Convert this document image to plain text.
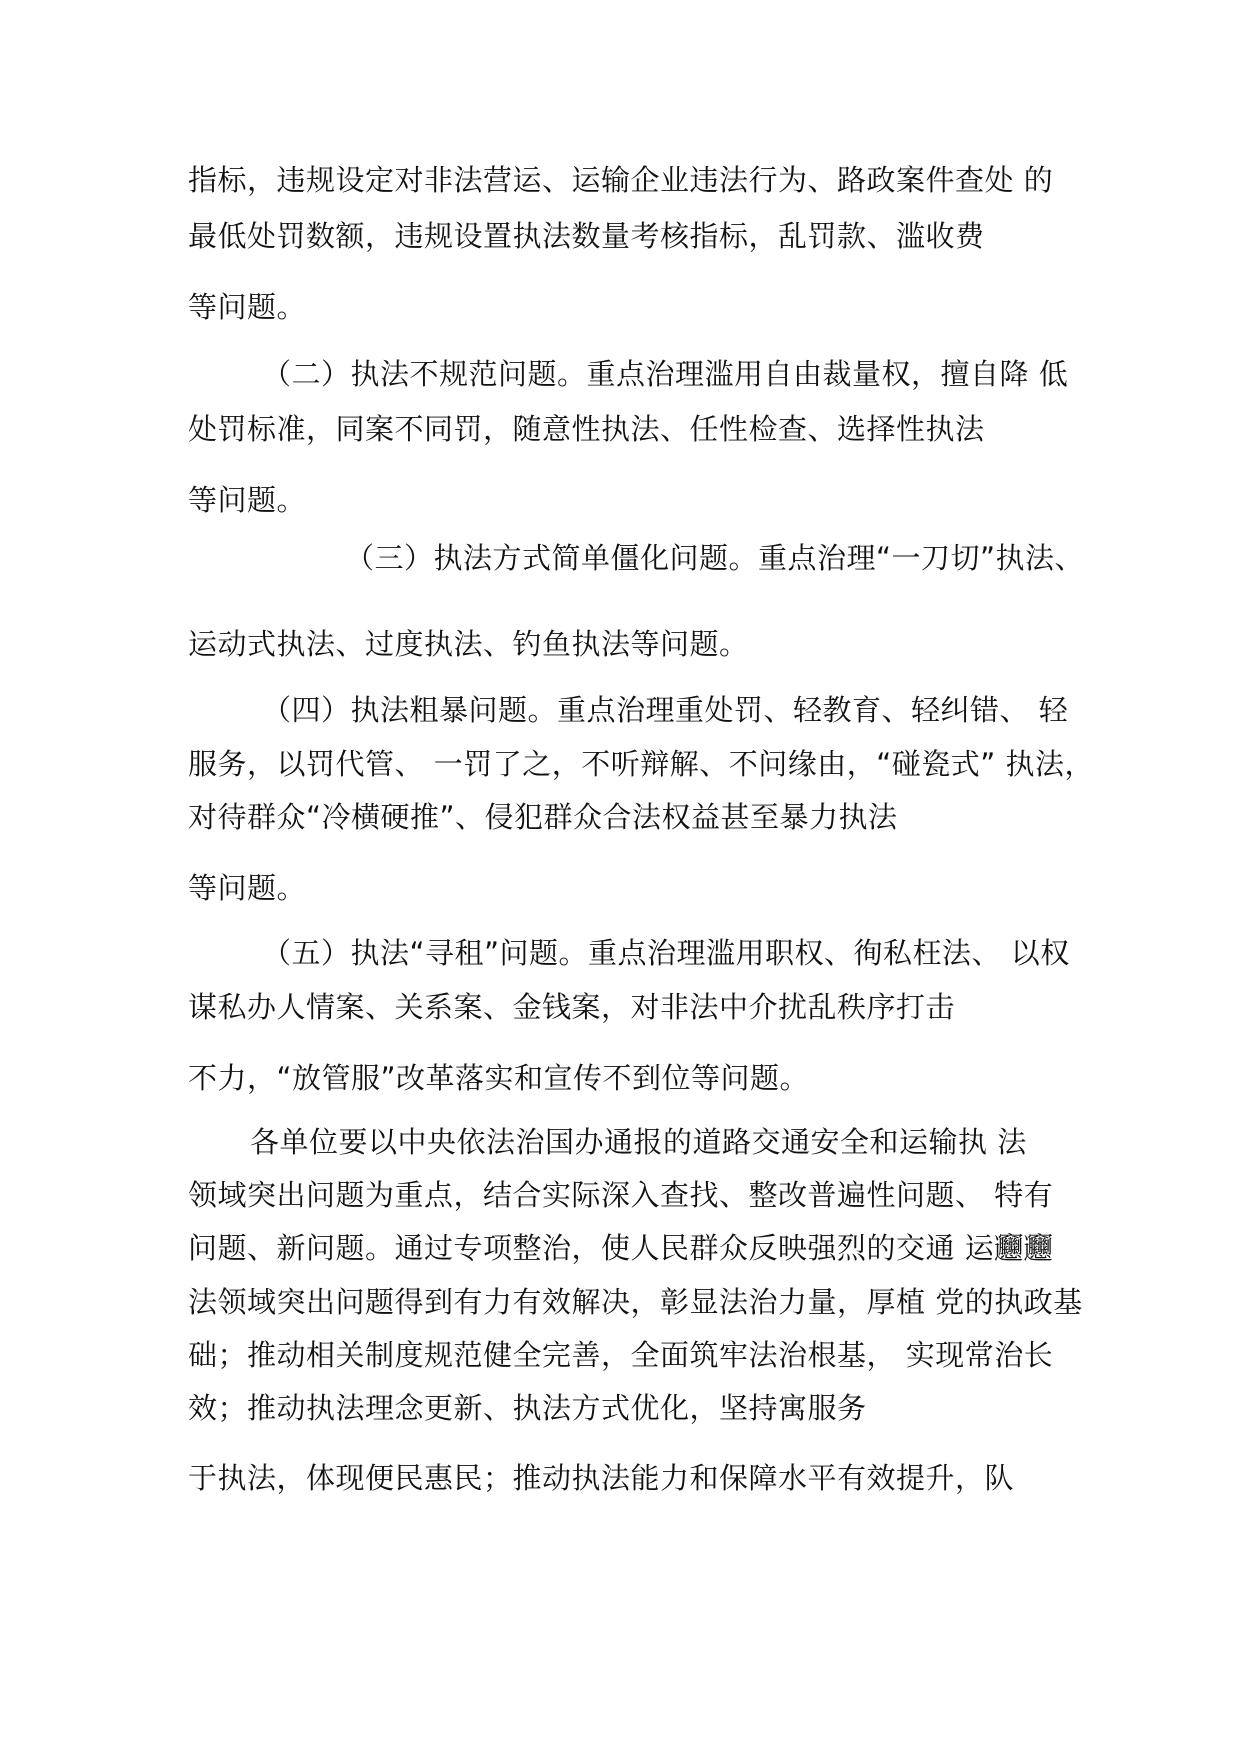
指标，违规设定对非法营运、运输企业违法行为、路政案件查处 的
最低处罚数额，违规设置执法数量考核指标，乱罚款、滥收费
等问题。
（二）执法不规范问题。重点治理滥用自由裁量权，擅自降 低
处罚标准，同案不同罚，随意性执法、任性检查、选择性执法
等问题。
（三）执法方式简单僵化问题。重点治理“一刀切”执法、
运动式执法、过度执法、钓鱼执法等问题。
（四）执法粗暴问题。重点治理重处罚、轻教育、轻纠错、 轻
服务，以罚代管、 一罚了之，不听辩解、不问缘由，“碰瓷式” 执法，
对待群众“冷横硬推”、侵犯群众合法权益甚至暴力执法
等问题。
（五）执法“寻租”问题。重点治理滥用职权、徇私枉法、 以权
谋私办人情案、关系案、金钱案，对非法中介扰乱秩序打击
不力，“放管服”改革落实和宣传不到位等问题。
各单位要以中央依法治国办通报的道路交通安全和运输执 法
领域突出问题为重点，结合实际深入查找、整改普遍性问题、 特有
问题、新问题。通过专项整治，使人民群众反映强烈的交通 运𰻝𰻝
法领域突出问题得到有力有效解决，彰显法治力量，厚植 党的执政基
础；推动相关制度规范健全完善，全面筑牢法治根基， 实现常治长
效；推动执法理念更新、执法方式优化，坚持寓服务
于执法，体现便民惠民；推动执法能力和保障水平有效提升，队
